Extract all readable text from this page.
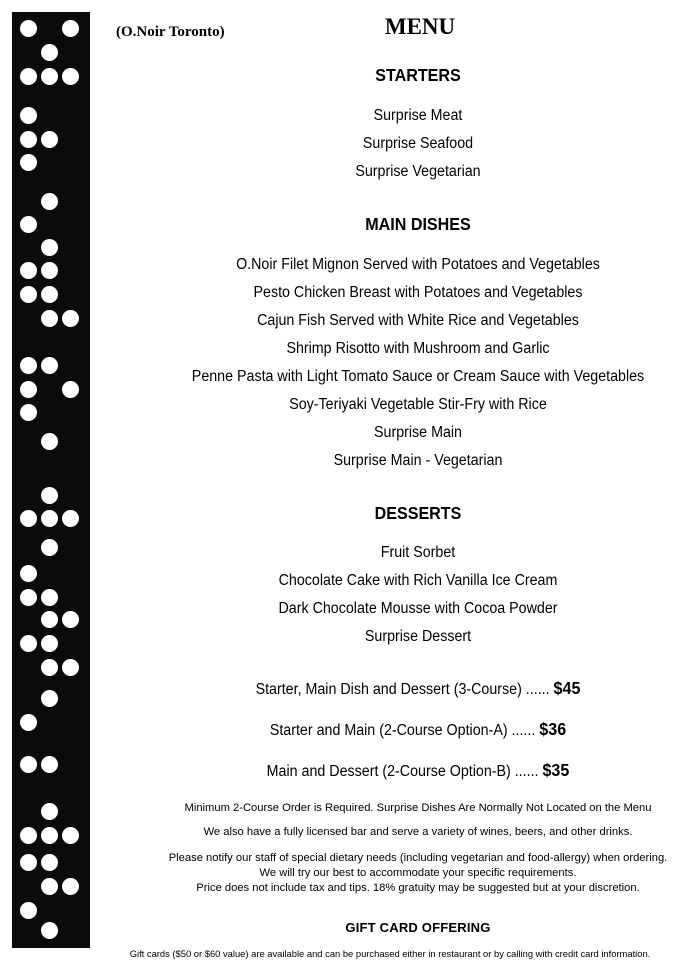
(O.Noir Toronto)	MENU
STARTERS
Surprise Meat
Surprise Seafood
Surprise Vegetarian
MAIN DISHES
O.Noir Filet Mignon Served with Potatoes and Vegetables
Pesto Chicken Breast with Potatoes and Vegetables
Cajun Fish Served with White Rice and Vegetables
Shrimp Risotto with Mushroom and Garlic
Penne Pasta with Light Tomato Sauce or Cream Sauce with Vegetables
Soy-Teriyaki Vegetable Stir-Fry with Rice
Surprise Main
Surprise Main - Vegetarian
DESSERTS
Fruit Sorbet
Chocolate Cake with Rich Vanilla Ice Cream
Dark Chocolate Mousse with Cocoa Powder
Surprise Dessert
Starter, Main Dish and Dessert (3-Course) ...... $45
Starter and Main (2-Course Option-A) ...... $36
Main and Dessert (2-Course Option-B) ...... $35
Minimum 2-Course Order is Required. Surprise Dishes Are Normally Not Located on the Menu
We also have a fully licensed bar and serve a variety of wines, beers, and other drinks.
Please notify our staff of special dietary needs (including vegetarian and food-allergy) when ordering.
We will try our best to accommodate your specific requirements.
Price does not include tax and tips. 18% gratuity may be suggested but at your discretion.
GIFT CARD OFFERING
Gift cards ($50 or $60 value) are available and can be purchased either in restaurant or by calling with credit card information.
